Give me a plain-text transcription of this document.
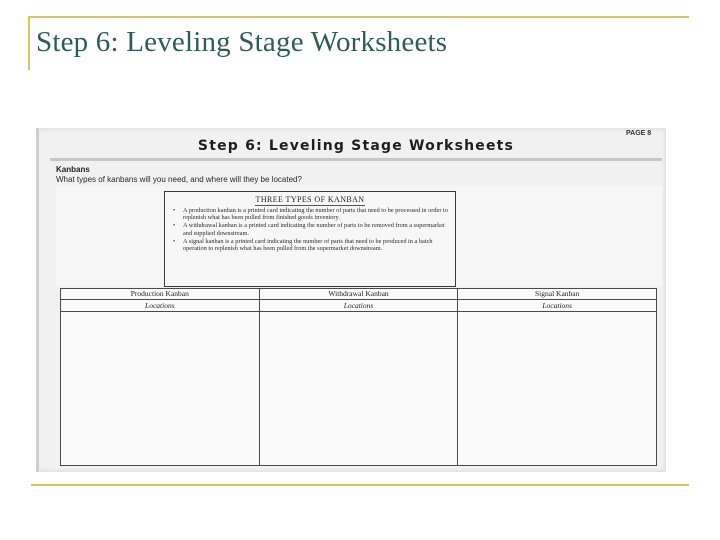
Step 6: Leveling Stage Worksheets
PAGE 8
Step 6: Leveling Stage Worksheets
Kanbans
What types of kanbans will you need, and where will they be located?
THREE TYPES OF KANBAN
• A production kanban is a printed card indicating the number of parts that need to be processed in order to replenish what has been pulled from finished goods inventory.
• A withdrawal kanban is a printed card indicating the number of parts to be removed from a supermarket and supplied downstream.
• A signal kanban is a printed card indicating the number of parts that need to be produced in a batch operation to replenish what has been pulled from the supermarket downstream.
Production Kanban
Locations
Withdrawal Kanban
Locations
Signal Kanban
Locations
